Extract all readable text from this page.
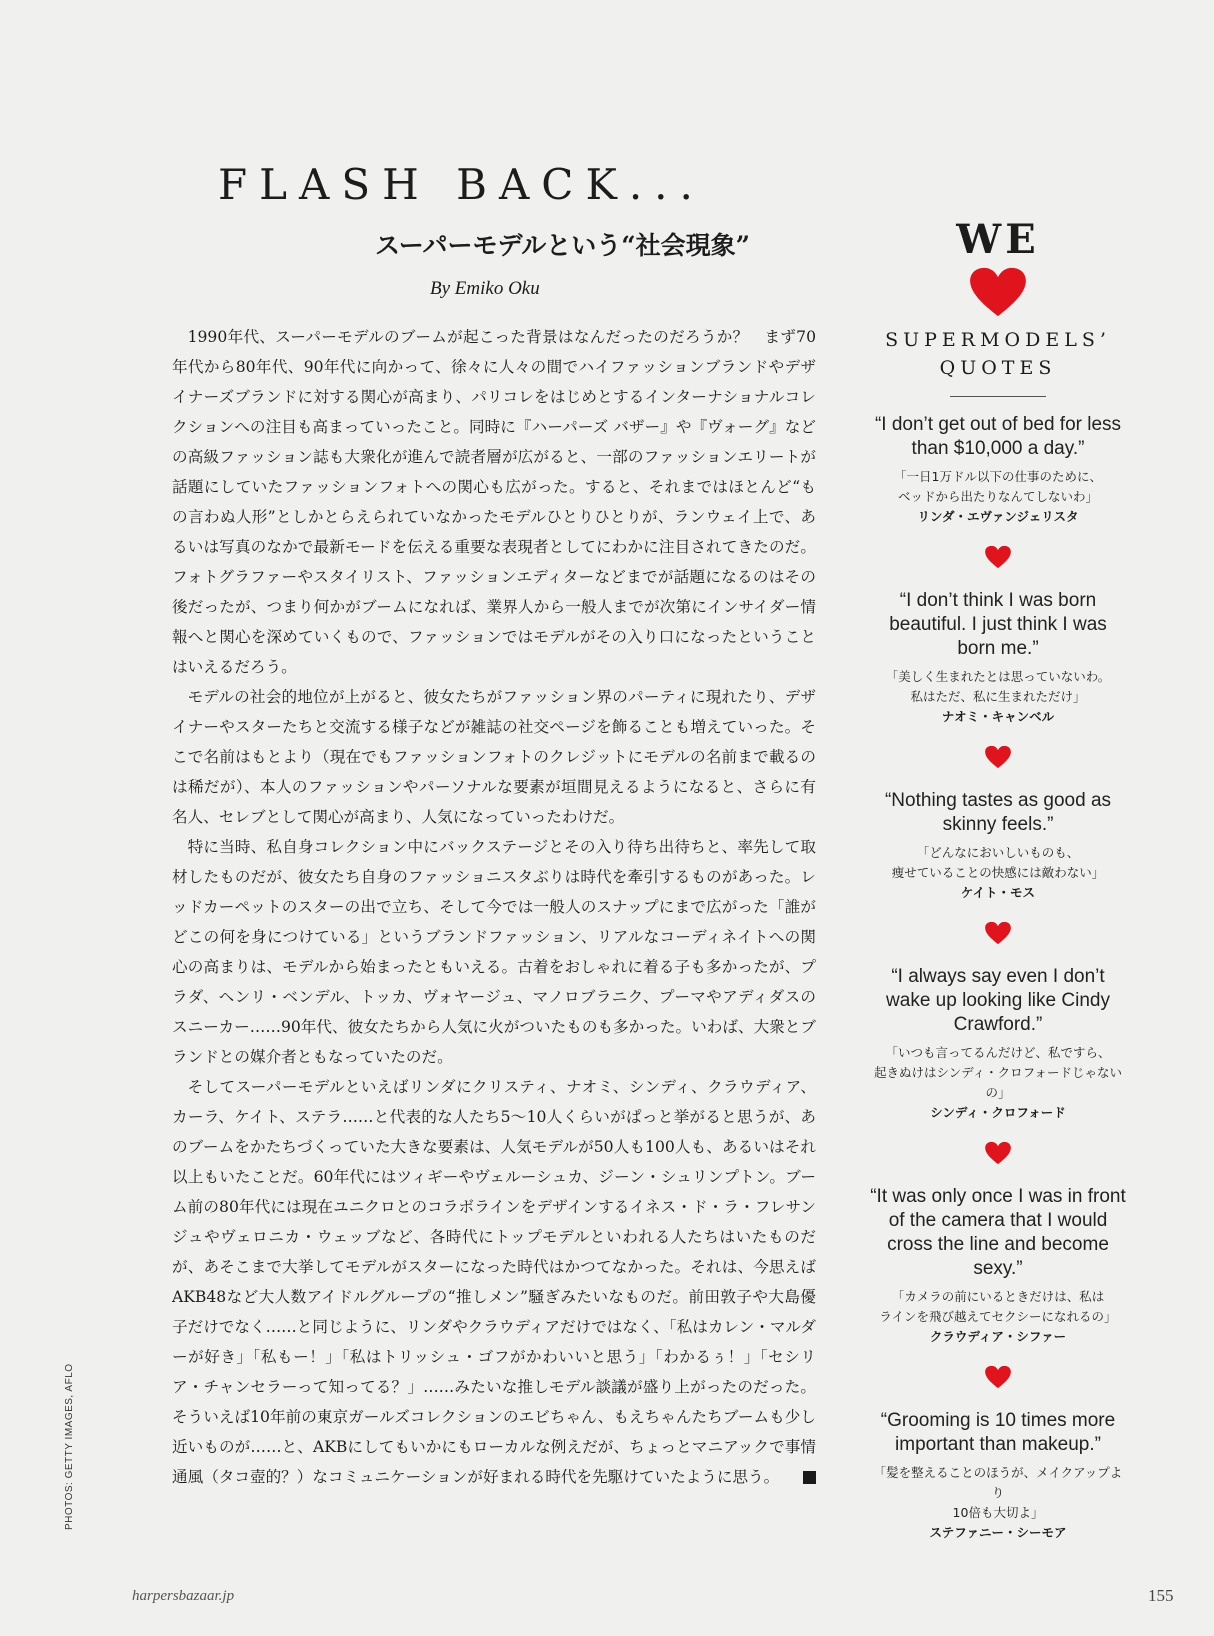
FLASH BACK...
スーパーモデルという“社会現象”
By Emiko Oku

1990年代、スーパーモデルのブームが起こった背景はなんだったのだろうか？　まず70年代から80年代、90年代に向かって、徐々に人々の間でハイファッションブランドやデザイナーズブランドに対する関心が高まり、パリコレをはじめとするインターナショナルコレクションへの注目も高まっていったこと。同時に『ハーパーズ バザー』や『ヴォーグ』などの高級ファッション誌も大衆化が進んで読者層が広がると、一部のファッションエリートが話題にしていたファッションフォトへの関心も広がった。すると、それまではほとんど“もの言わぬ人形”としかとらえられていなかったモデルひとりひとりが、ランウェイ上で、あるいは写真のなかで最新モードを伝える重要な表現者としてにわかに注目されてきたのだ。フォトグラファーやスタイリスト、ファッションエディターなどまでが話題になるのはその後だったが、つまり何かがブームになれば、業界人から一般人までが次第にインサイダー情報へと関心を深めていくもので、ファッションではモデルがその入り口になったということはいえるだろう。

モデルの社会的地位が上がると、彼女たちがファッション界のパーティに現れたり、デザイナーやスターたちと交流する様子などが雑誌の社交ページを飾ることも増えていった。そこで名前はもとより（現在でもファッションフォトのクレジットにモデルの名前まで載るのは稀だが）、本人のファッションやパーソナルな要素が垣間見えるようになると、さらに有名人、セレブとして関心が高まり、人気になっていったわけだ。

特に当時、私自身コレクション中にバックステージとその入り待ち出待ちと、率先して取材したものだが、彼女たち自身のファッショニスタぶりは時代を牽引するものがあった。レッドカーペットのスターの出で立ち、そして今では一般人のスナップにまで広がった「誰がどこの何を身につけている」というブランドファッション、リアルなコーディネイトへの関心の高まりは、モデルから始まったともいえる。古着をおしゃれに着る子も多かったが、プラダ、ヘンリ・ベンデル、トッカ、ヴォヤージュ、マノロブラニク、プーマやアディダスのスニーカー……90年代、彼女たちから人気に火がついたものも多かった。いわば、大衆とブランドとの媒介者ともなっていたのだ。

そしてスーパーモデルといえばリンダにクリスティ、ナオミ、シンディ、クラウディア、カーラ、ケイト、ステラ……と代表的な人たち5〜10人くらいがぱっと挙がると思うが、あのブームをかたちづくっていた大きな要素は、人気モデルが50人も100人も、あるいはそれ以上もいたことだ。60年代にはツィギーやヴェルーシュカ、ジーン・シュリンプトン。ブーム前の80年代には現在ユニクロとのコラボラインをデザインするイネス・ド・ラ・フレサンジュやヴェロニカ・ウェッブなど、各時代にトップモデルといわれる人たちはいたものだが、あそこまで大挙してモデルがスターになった時代はかつてなかった。それは、今思えばAKB48など大人数アイドルグループの“推しメン”騒ぎみたいなものだ。前田敦子や大島優子だけでなく……と同じように、リンダやクラウディアだけではなく、「私はカレン・マルダーが好き」「私もー！」「私はトリッシュ・ゴフがかわいいと思う」「わかるぅ！」「セシリア・チャンセラーって知ってる？」……みたいな推しモデル談議が盛り上がったのだった。そういえば10年前の東京ガールズコレクションのエビちゃん、もえちゃんたちブームも少し近いものが……と、AKBにしてもいかにもローカルな例えだが、ちょっとマニアックで事情通風（タコ壺的？）なコミュニケーションが好まれる時代を先駆けていたように思う。

WE
SUPERMODELS’
QUOTES

“I don’t get out of bed for less than $10,000 a day.”

「一日1万ドル以下の仕事のために、
ベッドから出たりなんてしないわ」

リンダ・エヴァンジェリスタ

“I don’t think I was born beautiful. I just think I was born me.”

「美しく生まれたとは思っていないわ。
私はただ、私に生まれただけ」

ナオミ・キャンベル

“Nothing tastes as good as skinny feels.”

「どんなにおいしいものも、
痩せていることの快感には敵わない」

ケイト・モス

“I always say even I don’t wake up looking like Cindy Crawford.”

「いつも言ってるんだけど、私ですら、
起きぬけはシンディ・クロフォードじゃないの」

シンディ・クロフォード

“It was only once I was in front of the camera that I would cross the line and become sexy.”

「カメラの前にいるときだけは、私は
ラインを飛び越えてセクシーになれるの」

クラウディア・シファー

“Grooming is 10 times more important than makeup.”

「髪を整えることのほうが、メイクアップより
10倍も大切よ」

ステファニー・シーモア

PHOTOS: GETTY IMAGES, AFLO
harpersbazaar.jp	155
